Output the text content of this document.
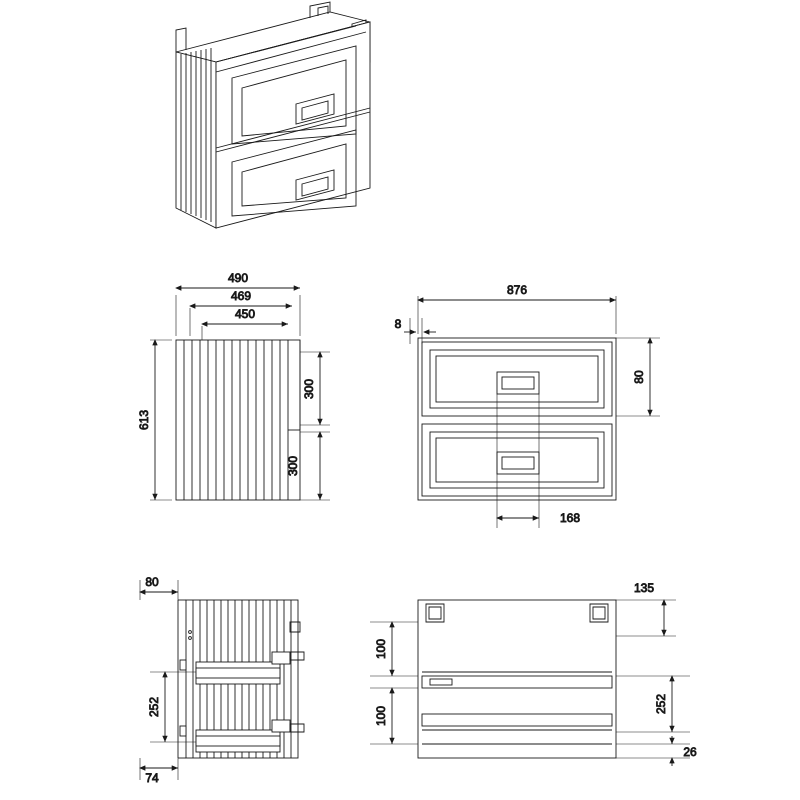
490
469
450
613
300
300
876
8
80
168
80
252
74
135
100
100
252
26
